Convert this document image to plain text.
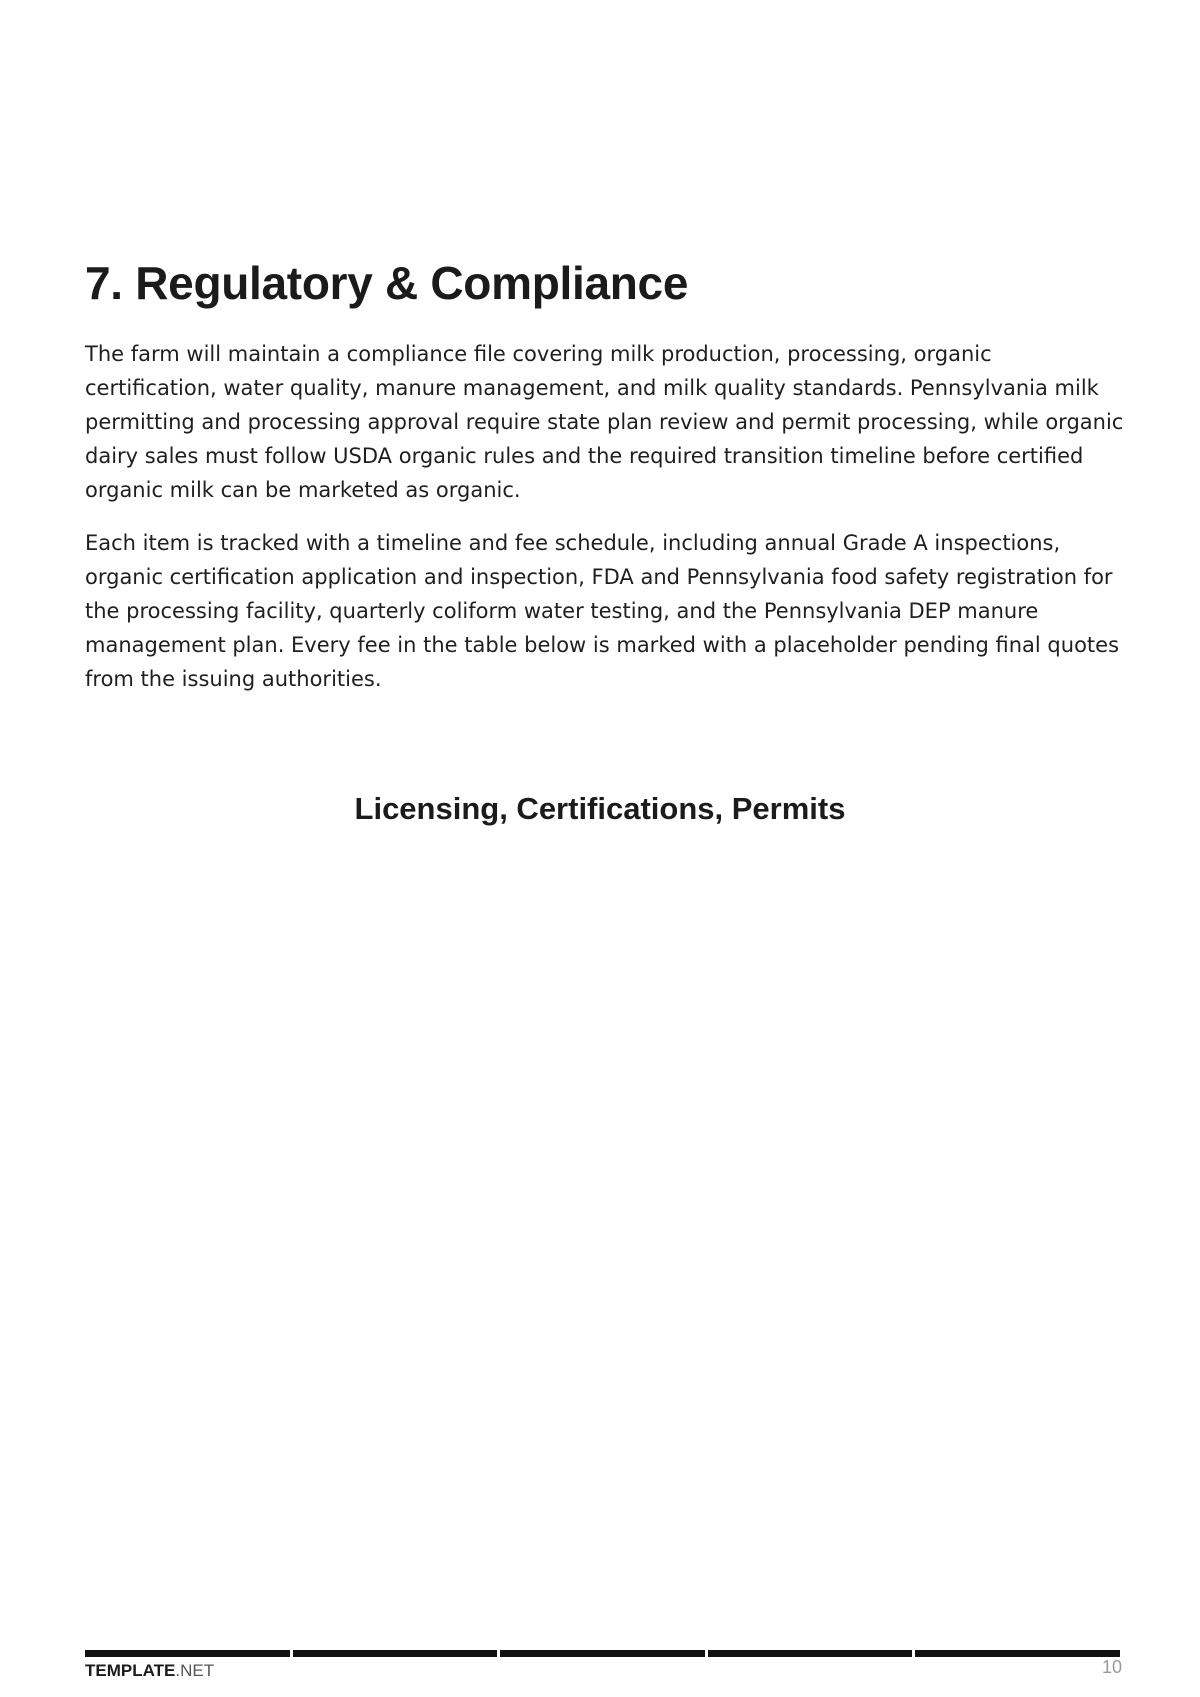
7. Regulatory & Compliance

The farm will maintain a compliance file covering milk production, processing, organic certification, water quality, manure management, and milk quality standards. Pennsylvania milk permitting and processing approval require state plan review and permit processing, while organic dairy sales must follow USDA organic rules and the required transition timeline before certified organic milk can be marketed as organic.

Each item is tracked with a timeline and fee schedule, including annual Grade A inspections, organic certification application and inspection, FDA and Pennsylvania food safety registration for the processing facility, quarterly coliform water testing, and the Pennsylvania DEP manure management plan. Every fee in the table below is marked with a placeholder pending final quotes from the issuing authorities.

Licensing, Certifications, Permits
TEMPLATE.NET	10
